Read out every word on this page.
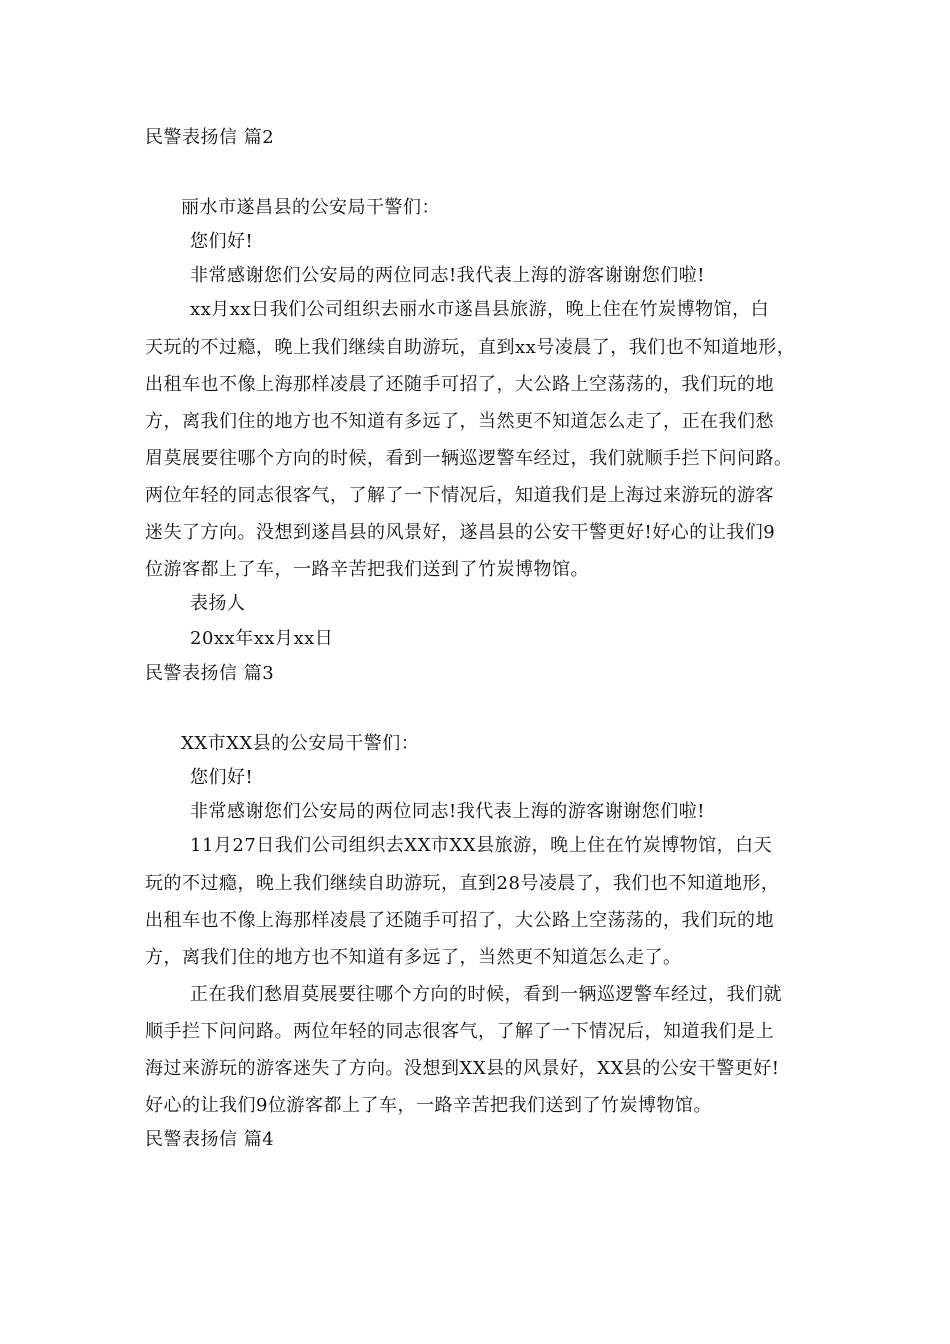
民警表扬信 篇2
丽水市遂昌县的公安局干警们：
您们好!
非常感谢您们公安局的两位同志!我代表上海的游客谢谢您们啦!
xx月xx日我们公司组织去丽水市遂昌县旅游，晚上住在竹炭博物馆，白
天玩的不过瘾，晚上我们继续自助游玩，直到xx号凌晨了，我们也不知道地形，
出租车也不像上海那样凌晨了还随手可招了，大公路上空荡荡的，我们玩的地
方，离我们住的地方也不知道有多远了，当然更不知道怎么走了，正在我们愁
眉莫展要往哪个方向的时候，看到一辆巡逻警车经过，我们就顺手拦下问问路。
两位年轻的同志很客气，了解了一下情况后，知道我们是上海过来游玩的游客
迷失了方向。没想到遂昌县的风景好，遂昌县的公安干警更好!好心的让我们9
位游客都上了车，一路辛苦把我们送到了竹炭博物馆。
表扬人
20xx年xx月xx日
民警表扬信 篇3
XX市XX县的公安局干警们：
您们好!
非常感谢您们公安局的两位同志!我代表上海的游客谢谢您们啦!
11月27日我们公司组织去XX市XX县旅游，晚上住在竹炭博物馆，白天
玩的不过瘾，晚上我们继续自助游玩，直到28号凌晨了，我们也不知道地形，
出租车也不像上海那样凌晨了还随手可招了，大公路上空荡荡的，我们玩的地
方，离我们住的地方也不知道有多远了，当然更不知道怎么走了。
正在我们愁眉莫展要往哪个方向的时候，看到一辆巡逻警车经过，我们就
顺手拦下问问路。两位年轻的同志很客气，了解了一下情况后，知道我们是上
海过来游玩的游客迷失了方向。没想到XX县的风景好，XX县的公安干警更好!
好心的让我们9位游客都上了车，一路辛苦把我们送到了竹炭博物馆。
民警表扬信 篇4
